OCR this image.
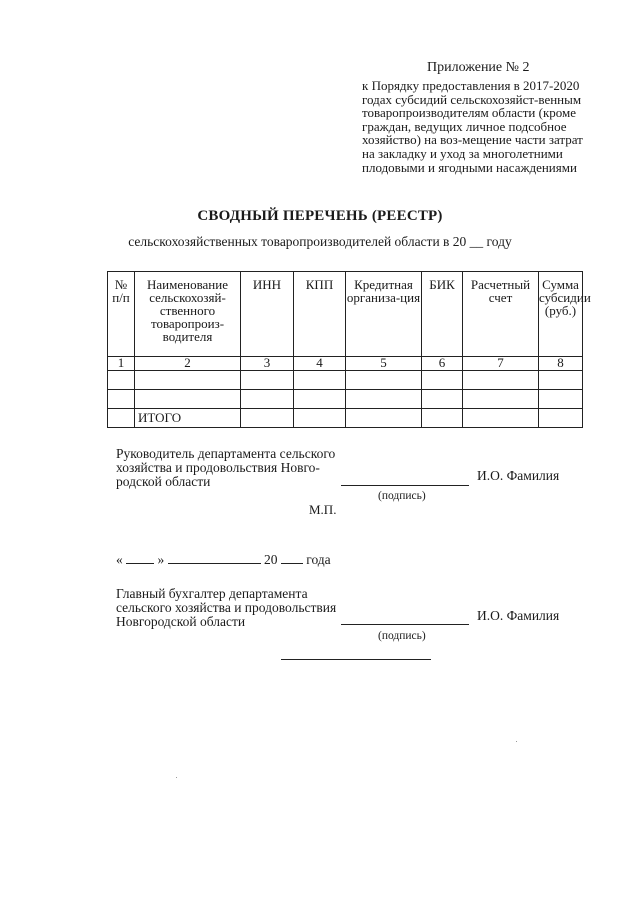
Приложение № 2
к Порядку предоставления в 2017-2020 годах субсидий сельскохозяйст-венным товаропроизводителям области (кроме граждан, ведущих личное подсобное хозяйство) на воз-мещение части затрат на закладку и уход за многолетними плодовыми и ягодными насаждениями
СВОДНЫЙ ПЕРЕЧЕНЬ (РЕЕСТР)
сельскохозяйственных товаропроизводителей области в 20 __ году
№ п/п	Наименование сельскохозяй-ственного товаропроиз-водителя	ИНН	КПП	Кредитная организа-ция	БИК	Расчетный счет	Сумма субсидии (руб.)
1	2	3	4	5	6	7	8

	ИТОГО						
Руководитель департамента сельского хозяйства и продовольствия Новго-родской области	И.О. Фамилия
(подпись)
М.П.
«	»	20 года
Главный бухгалтер департамента сельского хозяйства и продовольствия Новгородской области	И.О. Фамилия
(подпись)
